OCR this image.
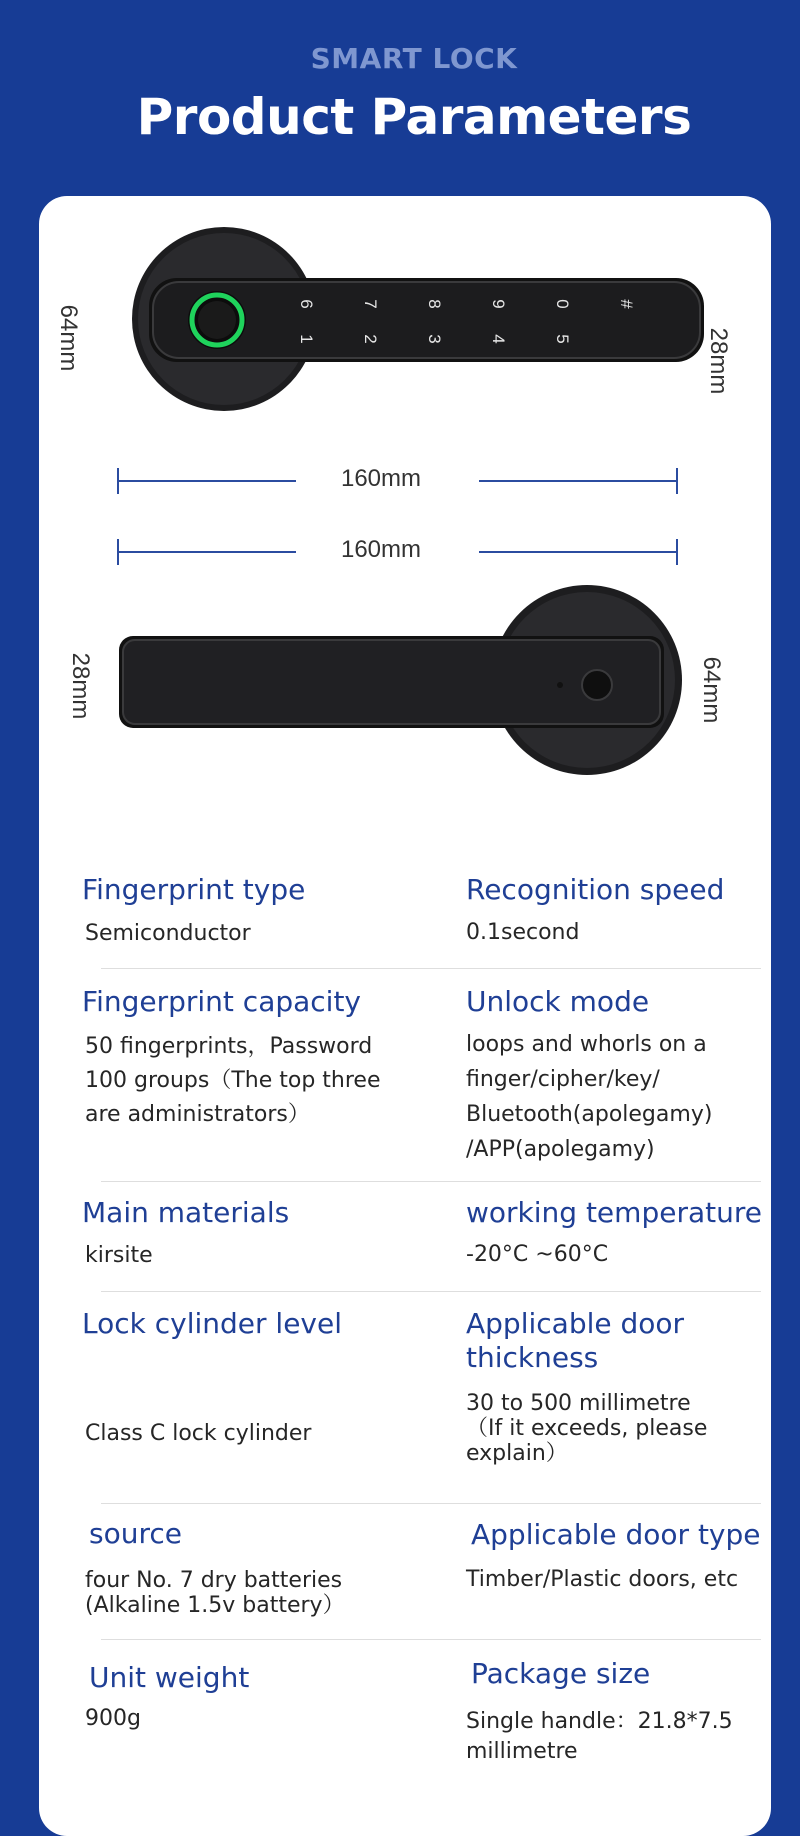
SMART LOCK
Product Parameters
6	7	8	9	0	#
1	2	3	4	5
64mm	28mm
160mm
160mm
28mm	64mm
Fingerprint type
Semiconductor
Recognition speed
0.1second
Fingerprint capacity
50 fingerprints，Password
100 groups（The top three
are administrators）
Unlock mode
loops and whorls on a
finger/cipher/key/
Bluetooth(apolegamy)
/APP(apolegamy)
Main materials
kirsite
working temperature
-20°C ~60°C
Lock cylinder level
Class C lock cylinder
Applicable door
thickness
30 to 500 millimetre
（If it exceeds, please
explain）
source
four No. 7 dry batteries
(Alkaline 1.5v battery）
Applicable door type
Timber/Plastic doors, etc
Unit weight
900g
Package size
Single handle：21.8*7.5
millimetre
